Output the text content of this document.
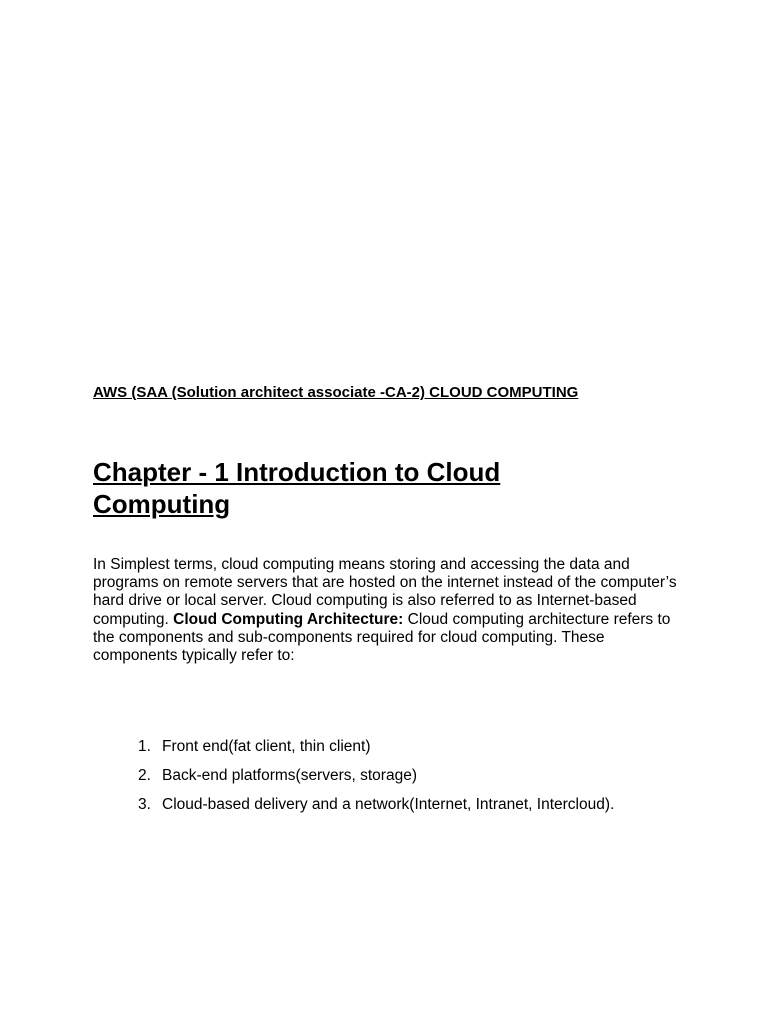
AWS (SAA (Solution architect associate -CA-2) CLOUD COMPUTING
Chapter - 1 Introduction to Cloud
Computing

In Simplest terms, cloud computing means storing and accessing the data and programs on remote servers that are hosted on the internet instead of the computer’s hard drive or local server. Cloud computing is also referred to as Internet-based computing. Cloud Computing Architecture: Cloud computing architecture refers to the components and sub-components required for cloud computing. These components typically refer to:

1. Front end(fat client, thin client)
2. Back-end platforms(servers, storage)
3. Cloud-based delivery and a network(Internet, Intranet, Intercloud).
